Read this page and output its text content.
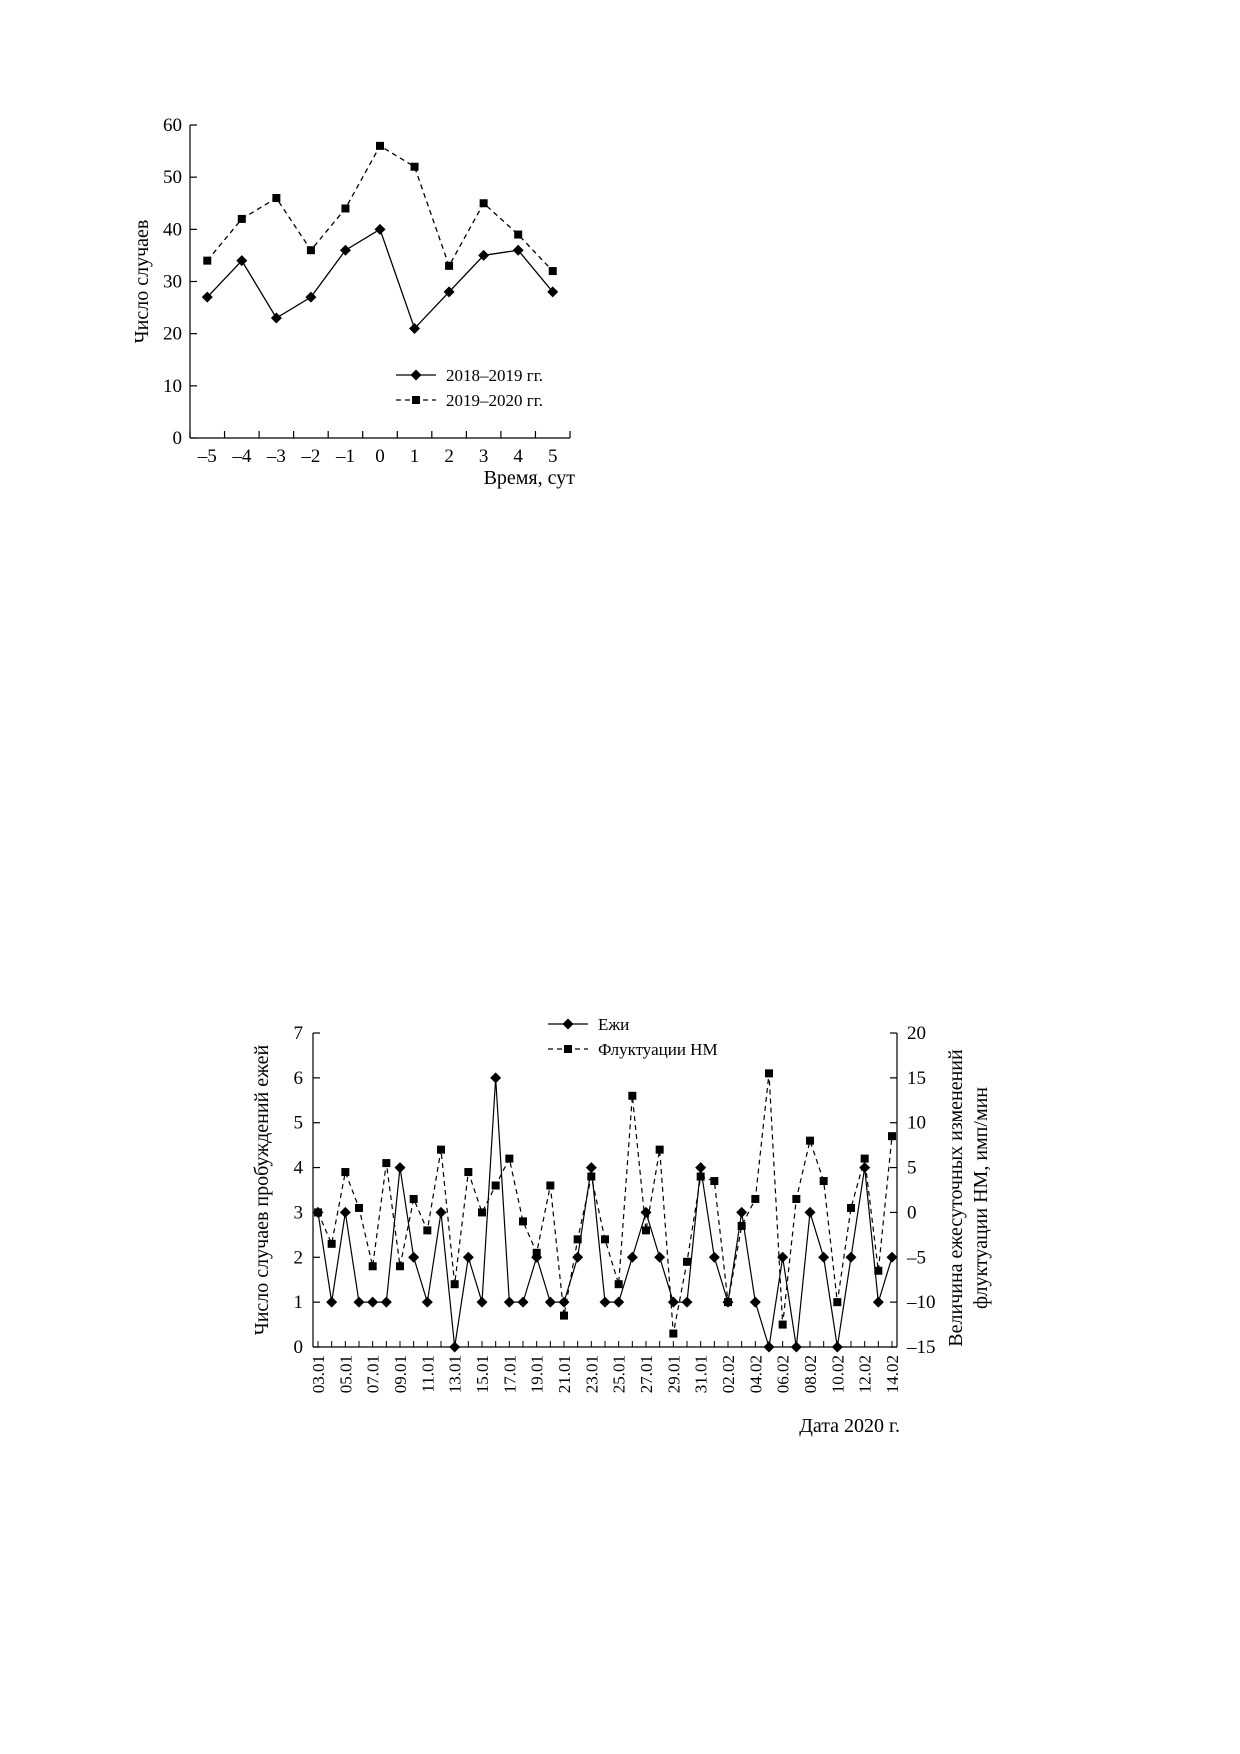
0
10
20
30
40
50
60
–5 –4 –3 –2 –1 0 1 2 3 4 5
Число случаев
Время, сут
2018–2019 гг.
2019–2020 гг.
0
1
2
3
4
5
6
7
–15
–10
–5
0
5
10
15
20
03.01 05.01 07.01 09.01 11.01 13.01 15.01 17.01 19.01 21.01 23.01 25.01 27.01 29.01 31.01 02.02 04.02 06.02 08.02 10.02 12.02 14.02
Число случаев пробуждений ежей	Величина ежесуточных изменений флуктуации НМ, имп/мин
Дата 2020 г.
Ежи
Флуктуации НМ
